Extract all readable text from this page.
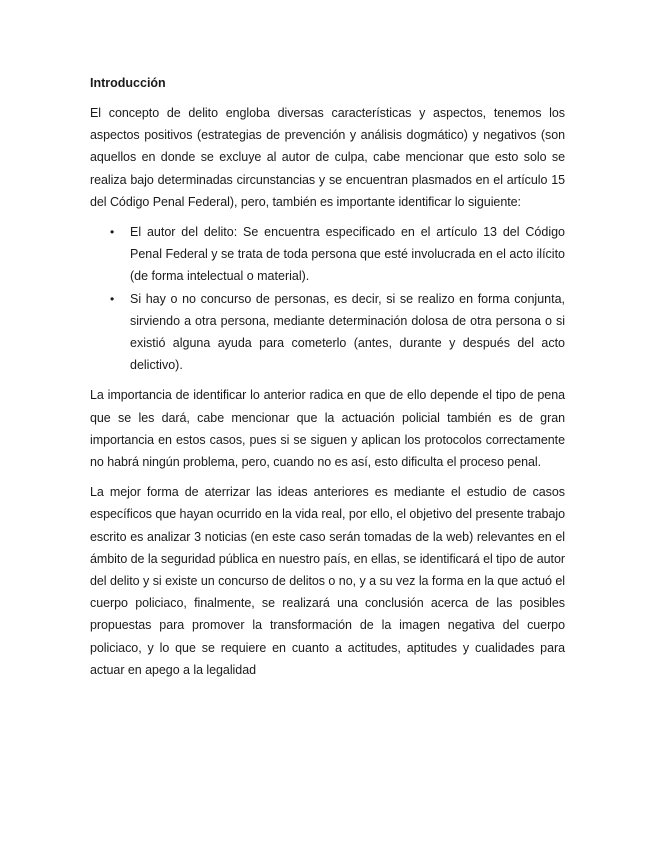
Introducción

El concepto de delito engloba diversas características y aspectos, tenemos los aspectos positivos (estrategias de prevención y análisis dogmático) y negativos (son aquellos en donde se excluye al autor de culpa, cabe mencionar que esto solo se realiza bajo determinadas circunstancias y se encuentran plasmados en el artículo 15 del Código Penal Federal), pero, también es importante identificar lo siguiente:

• El autor del delito: Se encuentra especificado en el artículo 13 del Código Penal Federal y se trata de toda persona que esté involucrada en el acto ilícito (de forma intelectual o material).
• Si hay o no concurso de personas, es decir, si se realizo en forma conjunta, sirviendo a otra persona, mediante determinación dolosa de otra persona o si existió alguna ayuda para cometerlo (antes, durante y después del acto delictivo).

La importancia de identificar lo anterior radica en que de ello depende el tipo de pena que se les dará, cabe mencionar que la actuación policial también es de gran importancia en estos casos, pues si se siguen y aplican los protocolos correctamente no habrá ningún problema, pero, cuando no es así, esto dificulta el proceso penal.

La mejor forma de aterrizar las ideas anteriores es mediante el estudio de casos específicos que hayan ocurrido en la vida real, por ello, el objetivo del presente trabajo escrito es analizar 3 noticias (en este caso serán tomadas de la web) relevantes en el ámbito de la seguridad pública en nuestro país, en ellas, se identificará el tipo de autor del delito y si existe un concurso de delitos o no, y a su vez la forma en la que actuó el cuerpo policiaco, finalmente, se realizará una conclusión acerca de las posibles propuestas para promover la transformación de la imagen negativa del cuerpo policiaco, y lo que se requiere en cuanto a actitudes, aptitudes y cualidades para actuar en apego a la legalidad
